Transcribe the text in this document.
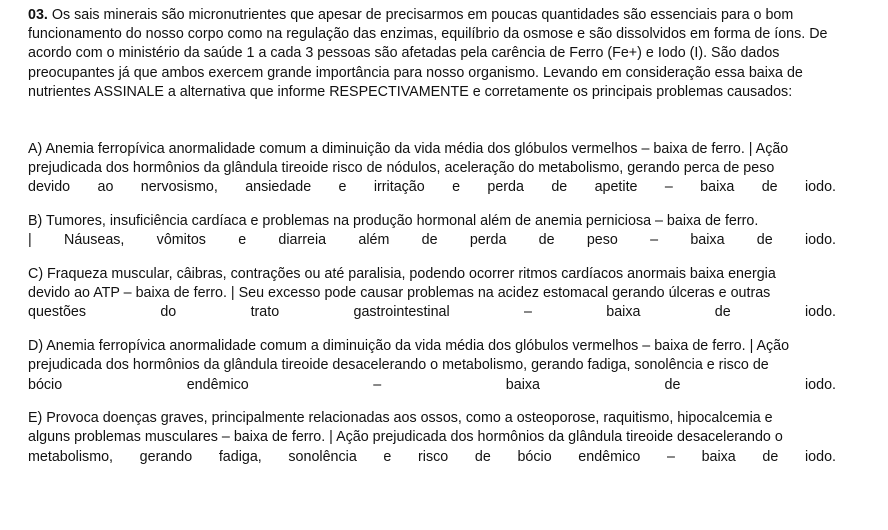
03. Os sais minerais são micronutrientes que apesar de precisarmos em poucas quantidades são essenciais para o bom funcionamento do nosso corpo como na regulação das enzimas, equilíbrio da osmose e são dissolvidos em forma de íons. De acordo com o ministério da saúde 1 a cada 3 pessoas são afetadas pela carência de Ferro (Fe+) e Iodo (I). São dados preocupantes já que ambos exercem grande importância para nosso organismo. Levando em consideração essa baixa de nutrientes ASSINALE a alternativa que informe RESPECTIVAMENTE e corretamente os principais problemas causados:

A) Anemia ferropívica anormalidade comum a diminuição da vida média dos glóbulos vermelhos – baixa de ferro. | Ação
prejudicada dos hormônios da glândula tireoide risco de nódulos, aceleração do metabolismo, gerando perca de peso
devido ao nervosismo, ansiedade e irritação e perda de apetite – baixa de iodo.
B) Tumores, insuficiência cardíaca e problemas na produção hormonal além de anemia perniciosa – baixa de ferro.
| Náuseas, vômitos e diarreia além de perda de peso – baixa de iodo.
C) Fraqueza muscular, câibras, contrações ou até paralisia, podendo ocorrer ritmos cardíacos anormais baixa energia
devido ao ATP – baixa de ferro. | Seu excesso pode causar problemas na acidez estomacal gerando úlceras e outras
questões do trato gastrointestinal – baixa de iodo.
D) Anemia ferropívica anormalidade comum a diminuição da vida média dos glóbulos vermelhos – baixa de ferro. | Ação
prejudicada dos hormônios da glândula tireoide desacelerando o metabolismo, gerando fadiga, sonolência e risco de
bócio endêmico – baixa de iodo.
E) Provoca doenças graves, principalmente relacionadas aos ossos, como a osteoporose, raquitismo, hipocalcemia e
alguns problemas musculares – baixa de ferro. | Ação prejudicada dos hormônios da glândula tireoide desacelerando o
metabolismo, gerando fadiga, sonolência e risco de bócio endêmico – baixa de iodo.
